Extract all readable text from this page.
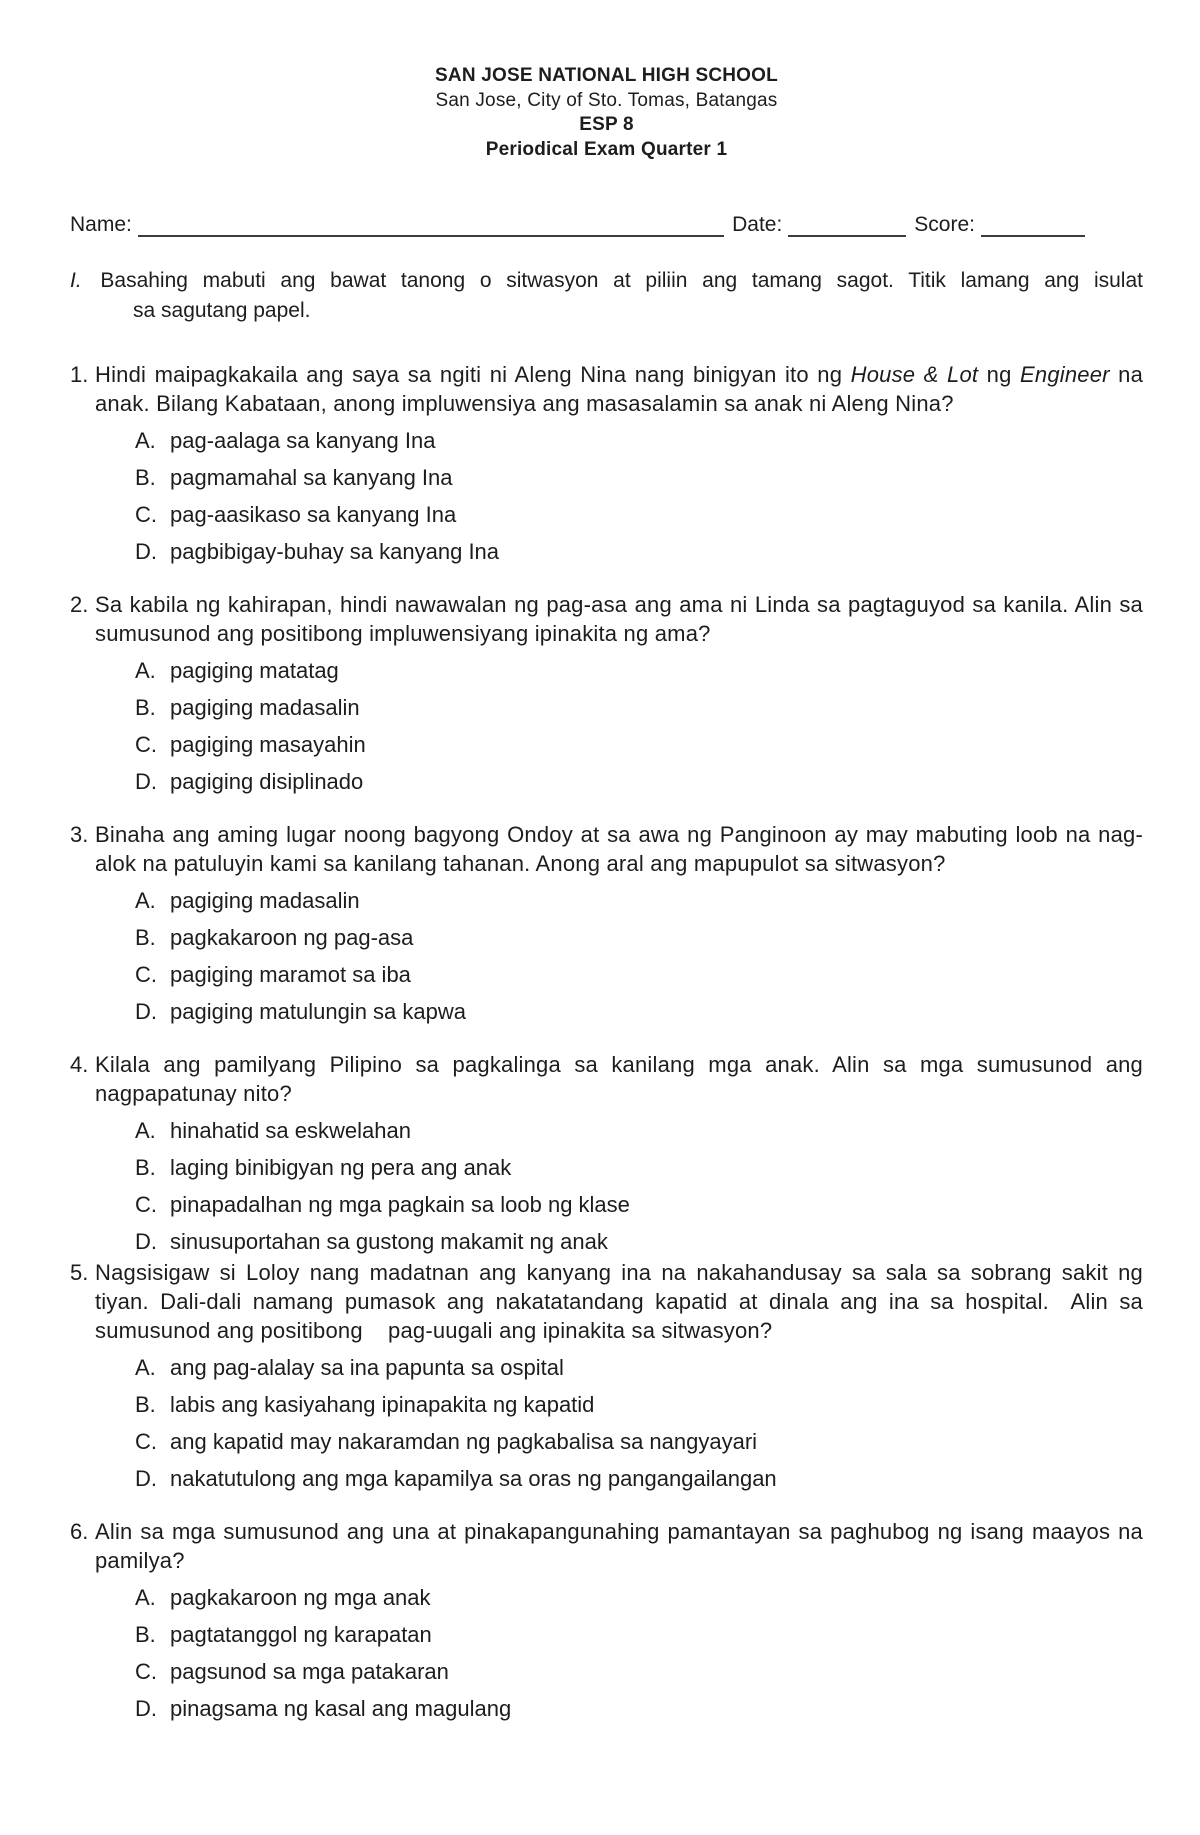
SAN JOSE NATIONAL HIGH SCHOOL
San Jose, City of Sto. Tomas, Batangas
ESP 8
Periodical Exam Quarter 1
Name:	Date:	Score:
I. Basahing mabuti ang bawat tanong o sitwasyon at piliin ang tamang sagot. Titik lamang ang isulat
sa sagutang papel.
1. Hindi maipagkakaila ang saya sa ngiti ni Aleng Nina nang binigyan ito ng House & Lot ng Engineer na anak. Bilang Kabataan, anong impluwensiya ang masasalamin sa anak ni Aleng Nina?
A. pag-aalaga sa kanyang Ina
B. pagmamahal sa kanyang Ina
C. pag-aasikaso sa kanyang Ina
D. pagbibigay-buhay sa kanyang Ina
2. Sa kabila ng kahirapan, hindi nawawalan ng pag-asa ang ama ni Linda sa pagtaguyod sa kanila. Alin sa sumusunod ang positibong impluwensiyang ipinakita ng ama?
A. pagiging matatag
B. pagiging madasalin
C. pagiging masayahin
D. pagiging disiplinado
3. Binaha ang aming lugar noong bagyong Ondoy at sa awa ng Panginoon ay may mabuting loob na nag-alok na patuluyin kami sa kanilang tahanan. Anong aral ang mapupulot sa sitwasyon?
A. pagiging madasalin
B. pagkakaroon ng pag-asa
C. pagiging maramot sa iba
D. pagiging matulungin sa kapwa
4. Kilala ang pamilyang Pilipino sa pagkalinga sa kanilang mga anak. Alin sa mga sumusunod ang nagpapatunay nito?
A. hinahatid sa eskwelahan
B. laging binibigyan ng pera ang anak
C. pinapadalhan ng mga pagkain sa loob ng klase
D. sinusuportahan sa gustong makamit ng anak
5. Nagsisigaw si Loloy nang madatnan ang kanyang ina na nakahandusay sa sala sa sobrang sakit ng tiyan. Dali-dali namang pumasok ang nakatatandang kapatid at dinala ang ina sa hospital.  Alin sa sumusunod ang positibong    pag-uugali ang ipinakita sa sitwasyon?
A. ang pag-alalay sa ina papunta sa ospital
B. labis ang kasiyahang ipinapakita ng kapatid
C. ang kapatid may nakaramdan ng pagkabalisa sa nangyayari
D. nakatutulong ang mga kapamilya sa oras ng pangangailangan
6. Alin sa mga sumusunod ang una at pinakapangunahing pamantayan sa paghubog ng isang maayos na pamilya?
A. pagkakaroon ng mga anak
B. pagtatanggol ng karapatan
C. pagsunod sa mga patakaran
D. pinagsama ng kasal ang magulang
